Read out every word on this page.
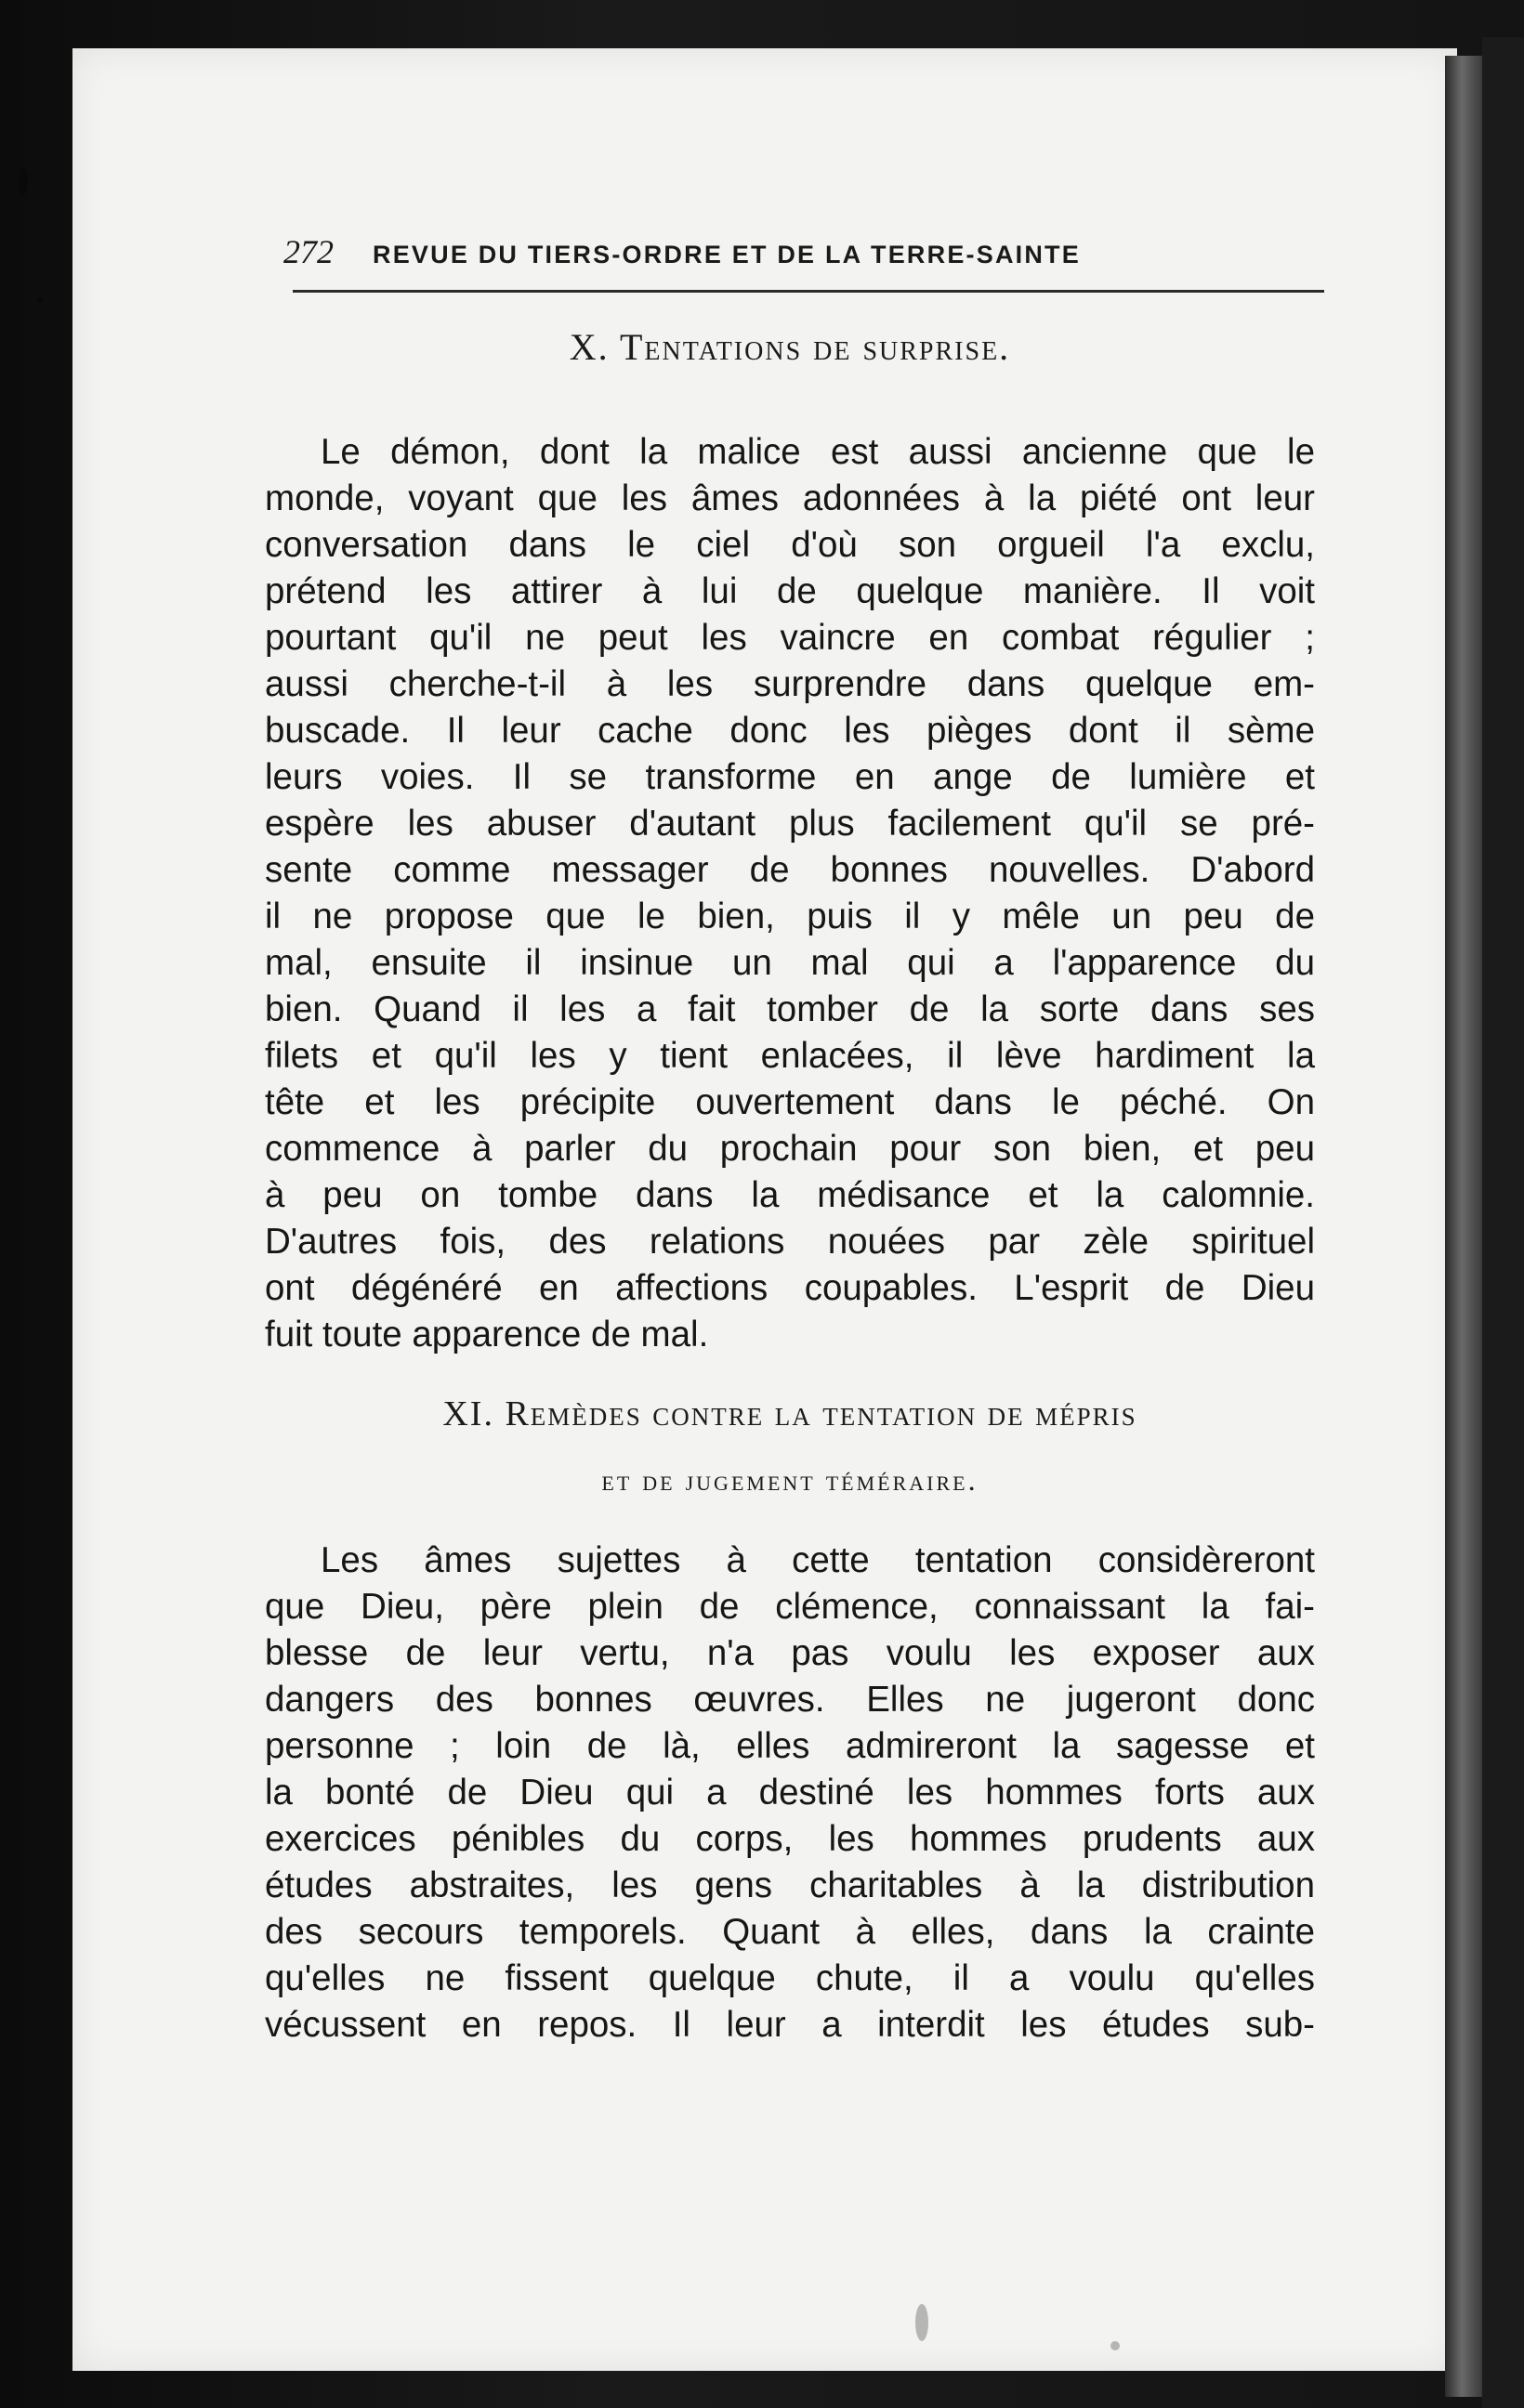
272 REVUE DU TIERS-ORDRE ET DE LA TERRE-SAINTE
X. Tentations de surprise.
Le démon, dont la malice est aussi ancienne que le
monde, voyant que les âmes adonnées à la piété ont leur
conversation dans le ciel d'où son orgueil l'a exclu,
prétend les attirer à lui de quelque manière. Il voit
pourtant qu'il ne peut les vaincre en combat régulier ;
aussi cherche-t-il à les surprendre dans quelque em-
buscade. Il leur cache donc les pièges dont il sème
leurs voies. Il se transforme en ange de lumière et
espère les abuser d'autant plus facilement qu'il se pré-
sente comme messager de bonnes nouvelles. D'abord
il ne propose que le bien, puis il y mêle un peu de
mal, ensuite il insinue un mal qui a l'apparence du
bien. Quand il les a fait tomber de la sorte dans ses
filets et qu'il les y tient enlacées, il lève hardiment la
tête et les précipite ouvertement dans le péché. On
commence à parler du prochain pour son bien, et peu
à peu on tombe dans la médisance et la calomnie.
D'autres fois, des relations nouées par zèle spirituel
ont dégénéré en affections coupables. L'esprit de Dieu
fuit toute apparence de mal.
XI. Remèdes contre la tentation de mépris
et de jugement téméraire.
Les âmes sujettes à cette tentation considèreront
que Dieu, père plein de clémence, connaissant la fai-
blesse de leur vertu, n'a pas voulu les exposer aux
dangers des bonnes œuvres. Elles ne jugeront donc
personne ; loin de là, elles admireront la sagesse et
la bonté de Dieu qui a destiné les hommes forts aux
exercices pénibles du corps, les hommes prudents aux
études abstraites, les gens charitables à la distribution
des secours temporels. Quant à elles, dans la crainte
qu'elles ne fissent quelque chute, il a voulu qu'elles
vécussent en repos. Il leur a interdit les études sub-
